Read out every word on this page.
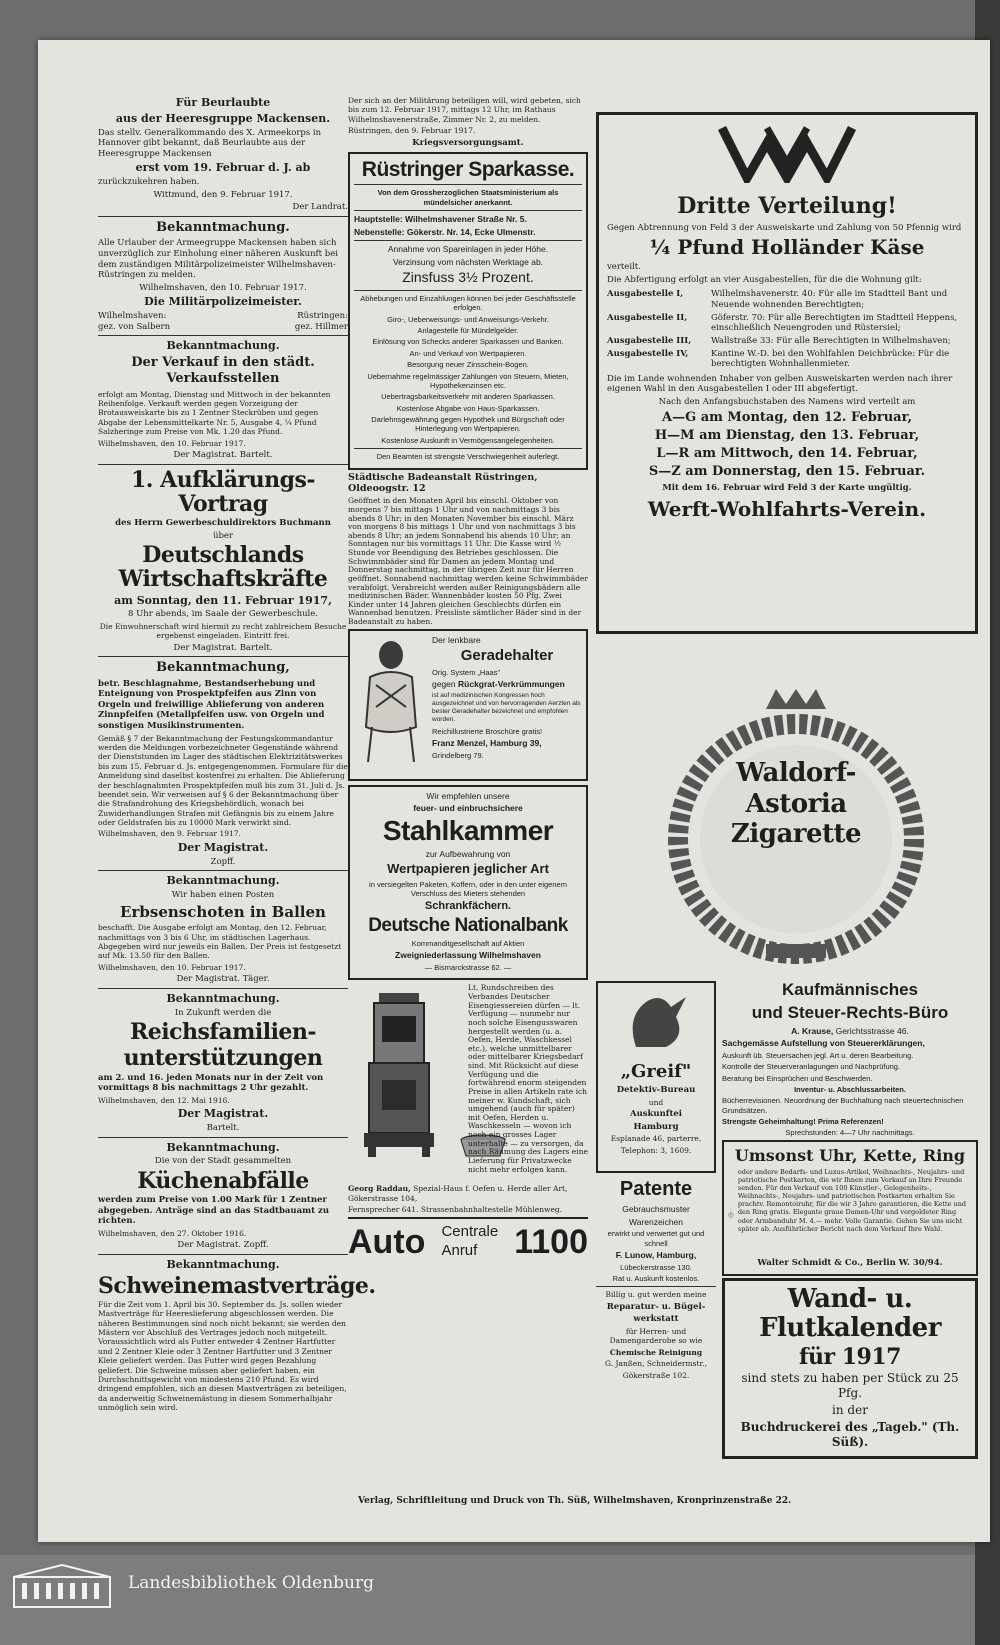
Für Beurlaubte

aus der Heeresgruppe Mackensen.

Das stellv. Generalkommando des X. Armeekorps in Hannover gibt bekannt, daß Beurlaubte aus der Heeresgruppe Mackensen

erst vom 19. Februar d. J. ab

zurückzukehren haben.

Wittmund, den 9. Februar 1917.

Der Landrat.

Bekanntmachung.

Alle Urlauber der Armeegruppe Mackensen haben sich unverzüglich zur Einholung einer näheren Auskunft bei dem zuständigen Militärpolizeimeister Wilhelmshaven-Rüstringen zu melden.

Wilhelmshaven, den 10. Februar 1917.

Die Militärpolizeimeister.

Wilhelmshaven:	Rüstringen:
gez. von Salbern	gez. Hillmer

Bekanntmachung.

Der Verkauf in den städt. Verkaufsstellen

erfolgt am Montag, Dienstag und Mittwoch in der bekannten Reihenfolge. Verkauft werden gegen Vorzeigung der Brotausweiskarte bis zu 1 Zentner Steckrüben und gegen Abgabe der Lebensmittelkarte Nr. 5, Ausgabe 4, ¼ Pfund Salzheringe zum Preise von Mk. 1.20 das Pfund.

Wilhelmshaven, den 10. Februar 1917.

Der Magistrat. Bartelt.

1. Aufklärungs-Vortrag

des Herrn Gewerbeschuldirektors Buchmann

über

Deutschlands Wirtschaftskräfte

am Sonntag, den 11. Februar 1917,

8 Uhr abends, im Saale der Gewerbeschule.

Die Einwohnerschaft wird hiermit zu recht zahlreichem Besuche ergebenst eingeladen. Eintritt frei.

Der Magistrat. Bartelt.

Bekanntmachung,

betr. Beschlagnahme, Bestandserhebung und Enteignung von Prospektpfeifen aus Zinn von Orgeln und freiwillige Ablieferung von anderen Zinnpfeifen (Metallpfeifen usw. von Orgeln und sonstigen Musikinstrumenten.

Gemäß § 7 der Bekanntmachung der Festungskommandantur werden die Meldungen vorbezeichneter Gegenstände während der Dienststunden im Lager des städtischen Elektrizitätswerkes bis zum 15. Februar d. Js. entgegengenommen. Formulare für die Anmeldung sind daselbst kostenfrei zu erhalten. Die Ablieferung der beschlagnahmten Prospektpfeifen muß bis zum 31. Juli d. Js. beendet sein. Wir verweisen auf § 6 der Bekanntmachung über die Strafandrohung des Kriegsbehördlich, wonach bei Zuwiderhandlungen Strafen mit Gefängnis bis zu einem Jahre oder Geldstrafen bis zu 10000 Mark verwirkt sind.

Wilhelmshaven, den 9. Februar 1917.

Der Magistrat.

Zopff.

Bekanntmachung.

Wir haben einen Posten

Erbsenschoten in Ballen

beschafft. Die Ausgabe erfolgt am Montag, den 12. Februar, nachmittags von 3 bis 6 Uhr, im städtischen Lagerhaus. Abgegeben wird nur jeweils ein Ballen. Der Preis ist festgesetzt auf Mk. 13.50 für den Ballen.

Wilhelmshaven, den 10. Februar 1917.

Der Magistrat. Täger.

Bekanntmachung.

In Zukunft werden die

Reichsfamilien-

unterstützungen

am 2. und 16. jeden Monats nur in der Zeit von vormittags 8 bis nachmittags 2 Uhr gezahlt.

Wilhelmshaven, den 12. Mai 1916.

Der Magistrat.

Bartelt.

Bekanntmachung.

Die von der Stadt gesammelten

Küchenabfälle

werden zum Preise von 1.00 Mark für 1 Zentner abgegeben. Anträge sind an das Stadtbauamt zu richten.

Wilhelmshaven, den 27. Oktober 1916.

Der Magistrat. Zopff.

Bekanntmachung.

Schweinemastverträge.

Für die Zeit vom 1. April bis 30. September ds. Js. sollen wieder Mastverträge für Heereslieferung abgeschlossen werden. Die näheren Bestimmungen sind noch nicht bekannt; sie werden den Mästern vor Abschluß des Vertrages jedoch noch mitgeteilt. Voraussichtlich wird als Futter entweder 4 Zentner Hartfutter und 2 Zentner Kleie oder 3 Zentner Hartfutter und 3 Zentner Kleie geliefert werden. Das Futter wird gegen Bezahlung geliefert. Die Schweine müssen aber geliefert haben, ein Durchschnittsgewicht von mindestens 210 Pfund. Es wird dringend empfohlen, sich an diesen Mastverträgen zu beteiligen, da anderweitig Schweinemästung in diesem Sommerhalbjahr unmöglich sein wird.

Der sich an der Militärung beteiligen will, wird gebeten, sich bis zum 12. Februar 1917, mittags 12 Uhr, im Rathaus Wilhelmshavenerstraße, Zimmer Nr. 2, zu melden.

Rüstringen, den 9. Februar 1917.

Kriegsversorgungsamt.

Rüstringer Sparkasse.

Von dem Grossherzoglichen Staatsministerium als mündelsicher anerkannt.

Hauptstelle: Wilhelmshavener Straße Nr. 5.

Nebenstelle: Gökerstr. Nr. 14, Ecke Ulmenstr.

Annahme von Spareinlagen in jeder Höhe.

Verzinsung vom nächsten Werktage ab.

Zinsfuss 3½ Prozent.

Abhebungen und Einzahlungen können bei jeder Geschäftsstelle erfolgen.

Giro-, Ueberweisungs- und Anweisungs-Verkehr.

Anlagestelle für Mündelgelder.

Einlösung von Schecks anderer Sparkassen und Banken.

An- und Verkauf von Wertpapieren.

Besorgung neuer Zinsschein-Bogen.

Uebernahme regelmässiger Zahlungen von Steuern, Mieten, Hypothekenzinsen etc.

Uebertragsbarkeitsverkehr mit anderen Sparkassen.

Kostenlose Abgabe von Haus-Sparkassen.

Darlehnsgewährung gegen Hypothek und Bürgschaft oder Hinterlegung von Wertpapieren.

Kostenlose Auskunft in Vermögensangelegenheiten.

Den Beamten ist strengste Verschwiegenheit auferlegt.

Städtische Badeanstalt Rüstringen, Oldeoogstr. 12

Geöffnet in den Monaten April bis einschl. Oktober von morgens 7 bis mittags 1 Uhr und von nachmittags 3 bis abends 8 Uhr; in den Monaten November bis einschl. März von morgens 8 bis mittags 1 Uhr und von nachmittags 3 bis abends 8 Uhr; an jedem Sonnabend bis abends 10 Uhr; an Sonntagen nur bis vormittags 11 Uhr. Die Kasse wird ½ Stunde vor Beendigung des Betriebes geschlossen. Die Schwimmbäder sind für Damen an jedem Montag und Donnerstag nachmittag, in der übrigen Zeit nur für Herren geöffnet. Sonnabend nachmittag werden keine Schwimmbäder verabfolgt. Verabreicht werden außer Reinigungsbädern alle medizinischen Bäder. Wannenbäder kosten 50 Pfg. Zwei Kinder unter 14 Jahren gleichen Geschlechts dürfen ein Wannenbad benutzen. Preisliste sämtlicher Bäder sind in der Badeanstalt zu haben.

Der lenkbare

Geradehalter

Orig. System „Haas"

gegen Rückgrat-Verkrümmungen

ist auf medizinischen Kongressen hoch ausgezeichnet und von hervorragenden Aerzten als bester Geradehalter bezeichnet und empfohlen worden.

Reichillustrierte Broschüre gratis!

Franz Menzel, Hamburg 39,

Grindelberg 79.

Wir empfehlen unsere

feuer- und einbruchsichere

Stahlkammer

zur Aufbewahrung von

Wertpapieren jeglicher Art

in versiegelten Paketen, Koffern, oder in den unter eigenem Verschluss des Mieters stehenden

Schrankfächern.

Deutsche Nationalbank

Kommanditgesellschaft auf Aktien

Zweigniederlassung Wilhelmshaven

— Bismarckstrasse 62. —

Lt. Rundschreiben des Verbandes Deutscher Eisengiessereien dürfen — lt. Verfügung — nunmehr nur noch solche Eisengusswaren hergestellt werden (u. a. Oefen, Herde, Waschkessel etc.), welche unmittelbarer oder mittelbarer Kriegsbedarf sind. Mit Rücksicht auf diese Verfügung und die fortwährend enorm steigenden Preise in allen Artikeln rate ich meiner w. Kundschaft, sich umgehend (auch für später) mit Oefen, Herden u. Waschkesseln — wovon ich noch ein grosses Lager unterhalte — zu versorgen, da nach Räumung des Lagers eine Lieferung für Privatzwecke nicht mehr erfolgen kann.

Georg Raddau, Spezial-Haus f. Oefen u. Herde aller Art, Gökerstrasse 104,

Fernsprecher 641. Strassenbahnhaltestelle Mühlenweg.

Auto Centrale
Anruf	1100

Dritte Verteilung!

Gegen Abtrennung von Feld 3 der Ausweiskarte und Zahlung von 50 Pfennig wird

¼ Pfund Holländer Käse

verteilt.

Die Abfertigung erfolgt an vier Ausgabestellen, für die die Wohnung gilt:

Ausgabestelle I,	Wilhelmshavenerstr. 40: Für alle im Stadtteil Bant und Neuende wohnenden Berechtigten;
Ausgabestelle II,	Göferstr. 70: Für alle Berechtigten im Stadtteil Heppens, einschließlich Neuengroden und Rüstersiel;
Ausgabestelle III,	Wallstraße 33: Für alle Berechtigten in Wilhelmshaven;
Ausgabestelle IV,	Kantine W.-D. bei den Wohlfahlen Deichbrücke: Für die berechtigten Wohnhallenmieter.

Die im Lande wohnenden Inhaber von gelben Ausweiskarten werden nach ihrer eigenen Wahl in den Ausgabestellen I oder III abgefertigt.

Nach den Anfangsbuchstaben des Namens wird verteilt am

A—G am Montag, den 12. Februar,

H—M am Dienstag, den 13. Februar,

L—R am Mittwoch, den 14. Februar,

S—Z am Donnerstag, den 15. Februar.

Mit dem 16. Februar wird Feld 3 der Karte ungültig.

Werft-Wohlfahrts-Verein.

Waldorf-

Astoria

Zigarette

„Greif"

Detektiv-Bureau

und

Auskunftei

Hamburg

Esplanade 46, parterre,

Telephon: 3, 1609.

Patente

Gebrauchsmuster

Warenzeichen

erwirkt und verwertet gut und schnell

F. Lunow, Hamburg,

Lübeckerstrasse 130.

Rat u. Auskunft kostenlos.

Billig u. gut werden meine

Reparatur- u. Bügel-

werkstatt

für Herren- und Damengarderobe so wie

Chemische Reinigung

G. Janßen, Schneidermstr.,

Gökerstraße 102.

Kaufmännisches

und Steuer-Rechts-Büro

A. Krause, Gerichtsstrasse 46.

Sachgemässe Aufstellung von Steuererklärungen,

Auskunft üb. Steuersachen jegl. Art u. deren Bearbeitung.

Kontrolle der Steuerveranlagungen und Nachprüfung.

Beratung bei Einsprüchen und Beschwerden.

Inventur- u. Abschlussarbeiten.

Bücherrevisionen. Neuordnung der Buchhaltung nach steuertechnischen Grundsätzen.

Strengste Geheimhaltung! Prima Referenzen!

Sprechstunden: 4—7 Uhr nachmittags.

Umsonst Uhr, Kette, Ring

oder andere Bedarfs- und Luxus-Artikel, Weihnachts-, Neujahrs- und patriotische Postkarten, die wir Ihnen zum Verkauf an Ihre Freunde senden. Für den Verkauf von 100 Künstler-, Gelegenheits-, Weihnachts-, Neujahrs- und patriotischen Postkarten erhalten Sie prachtv. Remontoiruhr, für die wir 3 Jahre garantieren, die Kette und den Ring gratis. Elegante graue Damen-Uhr und vergoldeter Ring oder Armbanduhr M. 4.— mehr. Volle Garantie. Gehen Sie uns nicht später ab. Ausführlicher Bericht nach dem Verkauf Ihre Wahl.

Walter Schmidt & Co., Berlin W. 30/94.

Wand- u. Flutkalender

für 1917

sind stets zu haben per Stück zu 25 Pfg.

in der

Buchdruckerei des „Tageb." (Th. Süß).

Verlag, Schriftleitung und Druck von Th. Süß, Wilhelmshaven, Kronprinzenstraße 22.

Landesbibliothek Oldenburg
